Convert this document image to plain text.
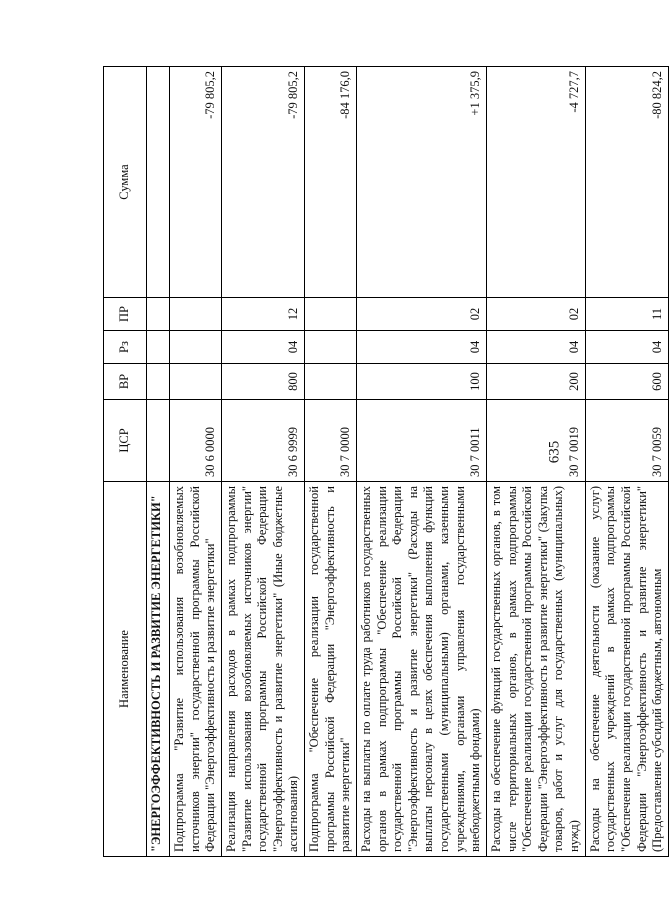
635
Наименование	ЦСР	ВР	Рз	ПР	Сумма
"ЭНЕРГОЭФФЕКТИВНОСТЬ И РАЗВИТИЕ ЭНЕРГЕТИКИ"					
Подпрограмма "Развитие использования возобновляемых источников энергии" государственной программы Российской Федерации "Энергоэффективность и развитие энергетики"	30 6 0000				-79 805,2
Реализация направления расходов в рамках подпрограммы "Развитие использования возобновляемых источников энергии" государственной программы Российской Федерации "Энергоэффективность и развитие энергетики" (Иные бюджетные ассигнования)	30 6 9999	800	04	12	-79 805,2
Подпрограмма "Обеспечение реализации государственной программы Российской Федерации "Энергоэффективность и развитие энергетики"	30 7 0000				-84 176,0
Расходы на выплаты по оплате труда работников государственных органов в рамках подпрограммы "Обеспечение реализации государственной программы Российской Федерации "Энергоэффективность и развитие энергетики" (Расходы на выплаты персоналу в целях обеспечения выполнения функций государственными (муниципальными) органами, казенными учреждениями, органами управления государственными внебюджетными фондами)	30 7 0011	100	04	02	+1 375,9
Расходы на обеспечение функций государственных органов, в том числе территориальных органов, в рамках подпрограммы "Обеспечение реализации государственной программы Российской Федерации "Энергоэффективность и развитие энергетики" (Закупка товаров, работ и услуг для государственных (муниципальных) нужд)	30 7 0019	200	04	02	-4 727,7
Расходы на обеспечение деятельности (оказание услуг) государственных учреждений в рамках подпрограммы "Обеспечение реализации государственной программы Российской Федерации "Энергоэффективность и развитие энергетики" (Предоставление субсидий бюджетным, автономным	30 7 0059	600	04	11	-80 824,2
